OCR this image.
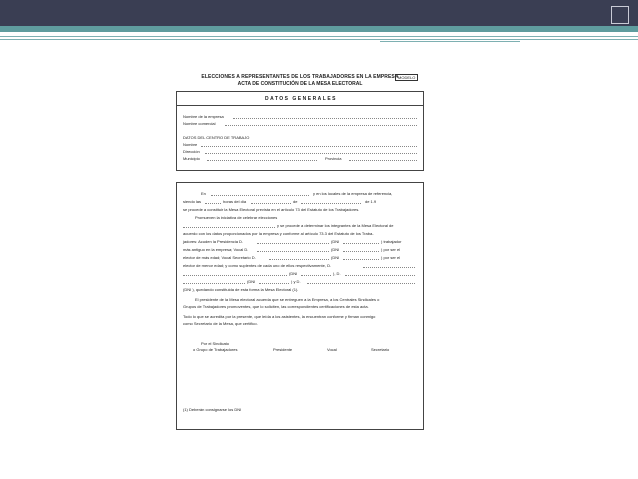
ELECCIONES A REPRESENTANTES DE LOS TRABAJADORES EN LA EMPRESA
ACTA DE CONSTITUCIÓN DE LA MESA ELECTORAL
MODELO
DATOS GENERALES
Nombre de la empresa
Nombre comercial
DATOS DEL CENTRO DE TRABAJO
Nombre
Dirección
Municipio	Provincia
En	y en los locales de la empresa de referencia,
siendo las	horas del día	de	de 1.9
se procede a constituir la Mesa Electoral prevista en el artículo 73 del Estatuto de los Trabajadores.
Promueven la iniciativa de celebrar elecciones
y se procede a determinar los integrantes de la Mesa Electoral de
acuerdo con los datos proporcionados por la empresa y conforme al artículo 73.3 del Estatuto de los Traba-
jadores: Acuden la Presidencia D.	(DNI	) trabajador
más antiguo en la empresa; Vocal D.	(DNI	) por ser el
elector de más edad; Vocal Secretario D.	(DNI	) por ser el
elector de menor edad; y como suplentes de cada uno de ellos respectivamente, D.
(DNI	), D.
(DNI	) y D.
(DNI ), quedando constituida de esta forma la Mesa Electoral (1).
El presidente de la Mesa electoral acuerda que se entreguen a la Empresa, a los Centrales Sindicales o
Grupos de Trabajadores promoventes, que lo soliciten, las correspondientes certificaciones de esta acta.
Todo lo que se acredita por la presente, que leída a los asistentes, la encuentran conforme y firman conmigo
como Secretario de la Mesa, que certifico.
Por el Sindicato
o Grupo de Trabajadores	Presidente	Vocal	Secretario
(1) Deberán consignarse los DNI
